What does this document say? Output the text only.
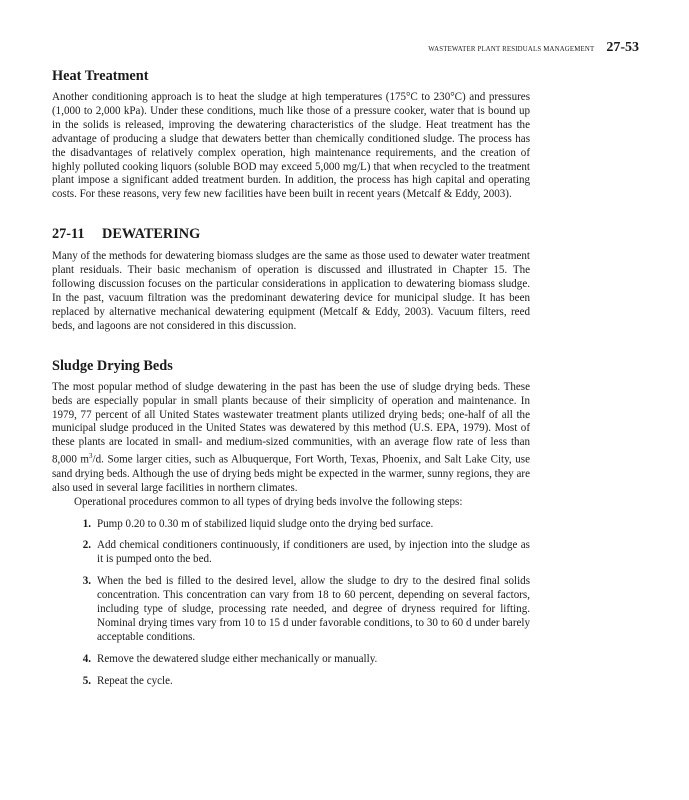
WASTEWATER PLANT RESIDUALS MANAGEMENT 27-53
Heat Treatment

Another conditioning approach is to heat the sludge at high temperatures (175°C to 230°C) and pressures (1,000 to 2,000 kPa). Under these conditions, much like those of a pressure cooker, water that is bound up in the solids is released, improving the dewatering characteristics of the sludge. Heat treatment has the advantage of producing a sludge that dewaters better than chemically conditioned sludge. The process has the disadvantages of relatively complex operation, high maintenance requirements, and the creation of highly polluted cooking liquors (soluble BOD may exceed 5,000 mg/L) that when recycled to the treatment plant impose a significant added treatment burden. In addition, the process has high capital and operating costs. For these reasons, very few new facilities have been built in recent years (Metcalf & Eddy, 2003).

27-11 DEWATERING

Many of the methods for dewatering biomass sludges are the same as those used to dewater water treatment plant residuals. Their basic mechanism of operation is discussed and illustrated in Chapter 15. The following discussion focuses on the particular considerations in application to dewatering biomass sludge. In the past, vacuum filtration was the predominant dewatering device for municipal sludge. It has been replaced by alternative mechanical dewatering equipment (Metcalf & Eddy, 2003). Vacuum filters, reed beds, and lagoons are not considered in this discussion.

Sludge Drying Beds

The most popular method of sludge dewatering in the past has been the use of sludge drying beds. These beds are especially popular in small plants because of their simplicity of operation and maintenance. In 1979, 77 percent of all United States wastewater treatment plants utilized drying beds; one-half of all the municipal sludge produced in the United States was dewatered by this method (U.S. EPA, 1979). Most of these plants are located in small- and medium-sized communities, with an average flow rate of less than 8,000 $m^3/d$. Some larger cities, such as Albuquerque, Fort Worth, Texas, Phoenix, and Salt Lake City, use sand drying beds. Although the use of drying beds might be expected in the warmer, sunny regions, they are also used in several large facilities in northern climates.

Operational procedures common to all types of drying beds involve the following steps:

1. Pump 0.20 to 0.30 m of stabilized liquid sludge onto the drying bed surface.
2. Add chemical conditioners continuously, if conditioners are used, by injection into the sludge as it is pumped onto the bed.
3. When the bed is filled to the desired level, allow the sludge to dry to the desired final solids concentration. This concentration can vary from 18 to 60 percent, depending on several factors, including type of sludge, processing rate needed, and degree of dryness required for lifting. Nominal drying times vary from 10 to 15 d under favorable conditions, to 30 to 60 d under barely acceptable conditions.
4. Remove the dewatered sludge either mechanically or manually.
5. Repeat the cycle.
